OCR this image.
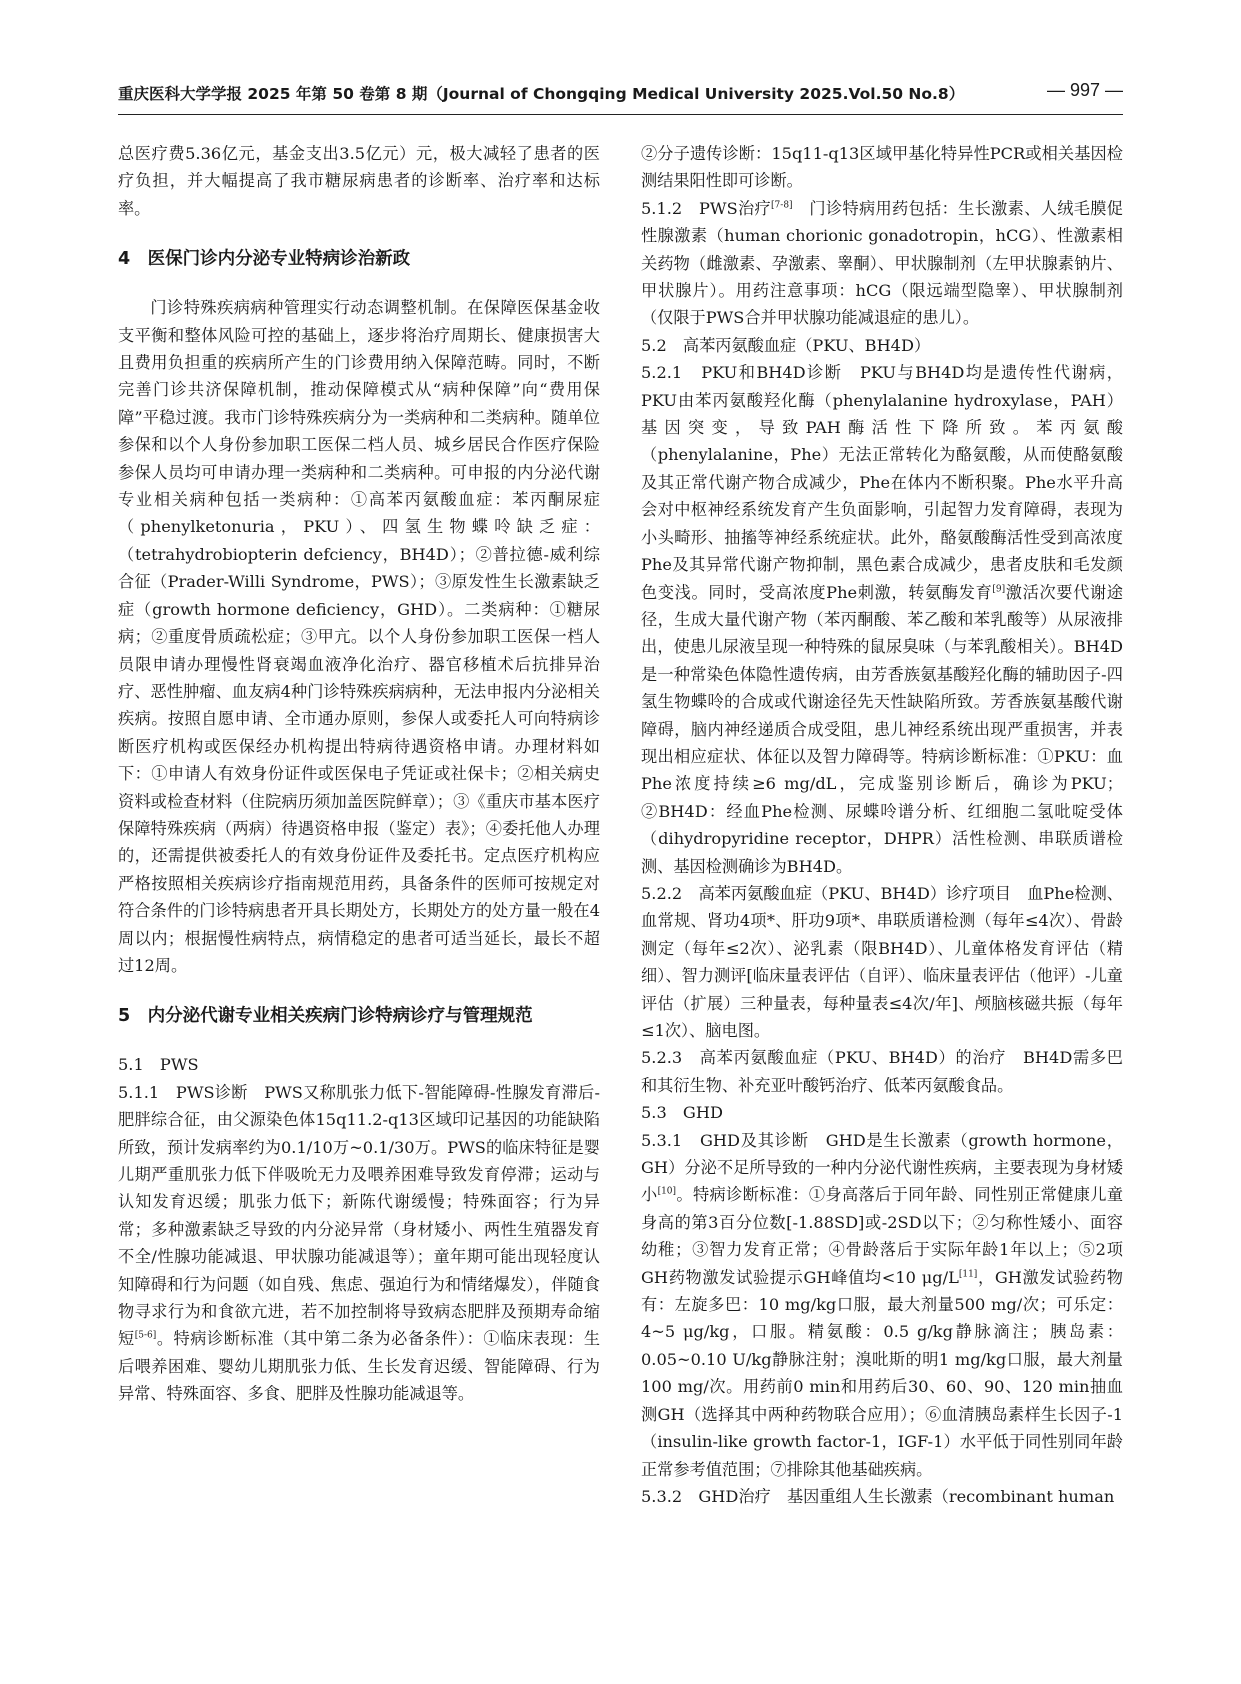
重庆医科大学学报 2025 年第 50 卷第 8 期（Journal of Chongqing Medical University 2025.Vol.50 No.8）	— 997 —

总医疗费5.36亿元，基金支出3.5亿元）元，极大减轻了患者的医疗负担，并大幅提高了我市糖尿病患者的诊断率、治疗率和达标率。

4　医保门诊内分泌专业特病诊治新政

门诊特殊疾病病种管理实行动态调整机制。在保障医保基金收支平衡和整体风险可控的基础上，逐步将治疗周期长、健康损害大且费用负担重的疾病所产生的门诊费用纳入保障范畴。同时，不断完善门诊共济保障机制，推动保障模式从“病种保障”向“费用保障”平稳过渡。我市门诊特殊疾病分为一类病种和二类病种。随单位参保和以个人身份参加职工医保二档人员、城乡居民合作医疗保险参保人员均可申请办理一类病种和二类病种。可申报的内分泌代谢专业相关病种包括一类病种：①高苯丙氨酸血症：苯丙酮尿症（phenylketonuria，PKU）、四氢生物蝶呤缺乏症：（tetrahydrobiopterin defciency，BH4D）；②普拉德-威利综合征（Prader-Willi Syndrome，PWS）；③原发性生长激素缺乏症（growth hormone deficiency，GHD）。二类病种：①糖尿病；②重度骨质疏松症；③甲亢。以个人身份参加职工医保一档人员限申请办理慢性肾衰竭血液净化治疗、器官移植术后抗排异治疗、恶性肿瘤、血友病4种门诊特殊疾病病种，无法申报内分泌相关疾病。按照自愿申请、全市通办原则，参保人或委托人可向特病诊断医疗机构或医保经办机构提出特病待遇资格申请。办理材料如下：①申请人有效身份证件或医保电子凭证或社保卡；②相关病史资料或检查材料（住院病历须加盖医院鲜章）；③《重庆市基本医疗保障特殊疾病（两病）待遇资格申报（鉴定）表》；④委托他人办理的，还需提供被委托人的有效身份证件及委托书。定点医疗机构应严格按照相关疾病诊疗指南规范用药，具备条件的医师可按规定对符合条件的门诊特病患者开具长期处方，长期处方的处方量一般在4周以内；根据慢性病特点，病情稳定的患者可适当延长，最长不超过12周。

5　内分泌代谢专业相关疾病门诊特病诊疗与管理规范

5.1　PWS

5.1.1　PWS诊断　PWS又称肌张力低下-智能障碍-性腺发育滞后-肥胖综合征，由父源染色体15q11.2-q13区域印记基因的功能缺陷所致，预计发病率约为0.1/10万~0.1/30万。PWS的临床特征是婴儿期严重肌张力低下伴吸吮无力及喂养困难导致发育停滞；运动与认知发育迟缓；肌张力低下；新陈代谢缓慢；特殊面容；行为异常；多种激素缺乏导致的内分泌异常（身材矮小、两性生殖器发育不全/性腺功能减退、甲状腺功能减退等）；童年期可能出现轻度认知障碍和行为问题（如自残、焦虑、强迫行为和情绪爆发），伴随食物寻求行为和食欲亢进，若不加控制将导致病态肥胖及预期寿命缩短[5-6]。特病诊断标准（其中第二条为必备条件）：①临床表现：生后喂养困难、婴幼儿期肌张力低、生长发育迟缓、智能障碍、行为异常、特殊面容、多食、肥胖及性腺功能减退等。

②分子遗传诊断：15q11-q13区域甲基化特异性PCR或相关基因检测结果阳性即可诊断。

5.1.2　PWS治疗[7-8]　门诊特病用药包括：生长激素、人绒毛膜促性腺激素（human chorionic gonadotropin，hCG）、性激素相关药物（雌激素、孕激素、睾酮）、甲状腺制剂（左甲状腺素钠片、甲状腺片）。用药注意事项：hCG（限远端型隐睾）、甲状腺制剂（仅限于PWS合并甲状腺功能减退症的患儿）。

5.2　高苯丙氨酸血症（PKU、BH4D）

5.2.1　PKU和BH4D诊断　PKU与BH4D均是遗传性代谢病，PKU由苯丙氨酸羟化酶（phenylalanine hydroxylase，PAH）基因突变，导致PAH酶活性下降所致。苯丙氨酸（phenylalanine，Phe）无法正常转化为酪氨酸，从而使酪氨酸及其正常代谢产物合成减少，Phe在体内不断积聚。Phe水平升高会对中枢神经系统发育产生负面影响，引起智力发育障碍，表现为小头畸形、抽搐等神经系统症状。此外，酪氨酸酶活性受到高浓度Phe及其异常代谢产物抑制，黑色素合成减少，患者皮肤和毛发颜色变浅。同时，受高浓度Phe刺激，转氨酶发育[9]激活次要代谢途径，生成大量代谢产物（苯丙酮酸、苯乙酸和苯乳酸等）从尿液排出，使患儿尿液呈现一种特殊的鼠尿臭味（与苯乳酸相关）。BH4D是一种常染色体隐性遗传病，由芳香族氨基酸羟化酶的辅助因子-四氢生物蝶呤的合成或代谢途径先天性缺陷所致。芳香族氨基酸代谢障碍，脑内神经递质合成受阻，患儿神经系统出现严重损害，并表现出相应症状、体征以及智力障碍等。特病诊断标准：①PKU：血Phe浓度持续≥6 mg/dL，完成鉴别诊断后，确诊为PKU；②BH4D：经血Phe检测、尿蝶呤谱分析、红细胞二氢吡啶受体（dihydropyridine receptor，DHPR）活性检测、串联质谱检测、基因检测确诊为BH4D。

5.2.2　高苯丙氨酸血症（PKU、BH4D）诊疗项目　血Phe检测、血常规、肾功4项*、肝功9项*、串联质谱检测（每年≤4次）、骨龄测定（每年≤2次）、泌乳素（限BH4D）、儿童体格发育评估（精细）、智力测评[临床量表评估（自评）、临床量表评估（他评）-儿童评估（扩展）三种量表，每种量表≤4次/年]、颅脑核磁共振（每年≤1次）、脑电图。

5.2.3　高苯丙氨酸血症（PKU、BH4D）的治疗　BH4D需多巴和其衍生物、补充亚叶酸钙治疗、低苯丙氨酸食品。

5.3　GHD

5.3.1　GHD及其诊断　GHD是生长激素（growth hormone，GH）分泌不足所导致的一种内分泌代谢性疾病，主要表现为身材矮小[10]。特病诊断标准：①身高落后于同年龄、同性别正常健康儿童身高的第3百分位数[-1.88SD]或-2SD以下；②匀称性矮小、面容幼稚；③智力发育正常；④骨龄落后于实际年龄1年以上；⑤2项GH药物激发试验提示GH峰值均<10 μg/L[11]，GH激发试验药物有：左旋多巴：10 mg/kg口服，最大剂量500 mg/次；可乐定：4~5 μg/kg，口服。精氨酸：0.5 g/kg静脉滴注；胰岛素：0.05~0.10 U/kg静脉注射；溴吡斯的明1 mg/kg口服，最大剂量100 mg/次。用药前0 min和用药后30、60、90、120 min抽血测GH（选择其中两种药物联合应用）；⑥血清胰岛素样生长因子-1（insulin-like growth factor-1，IGF-1）水平低于同性别同年龄正常参考值范围；⑦排除其他基础疾病。

5.3.2　GHD治疗　基因重组人生长激素（recombinant human
